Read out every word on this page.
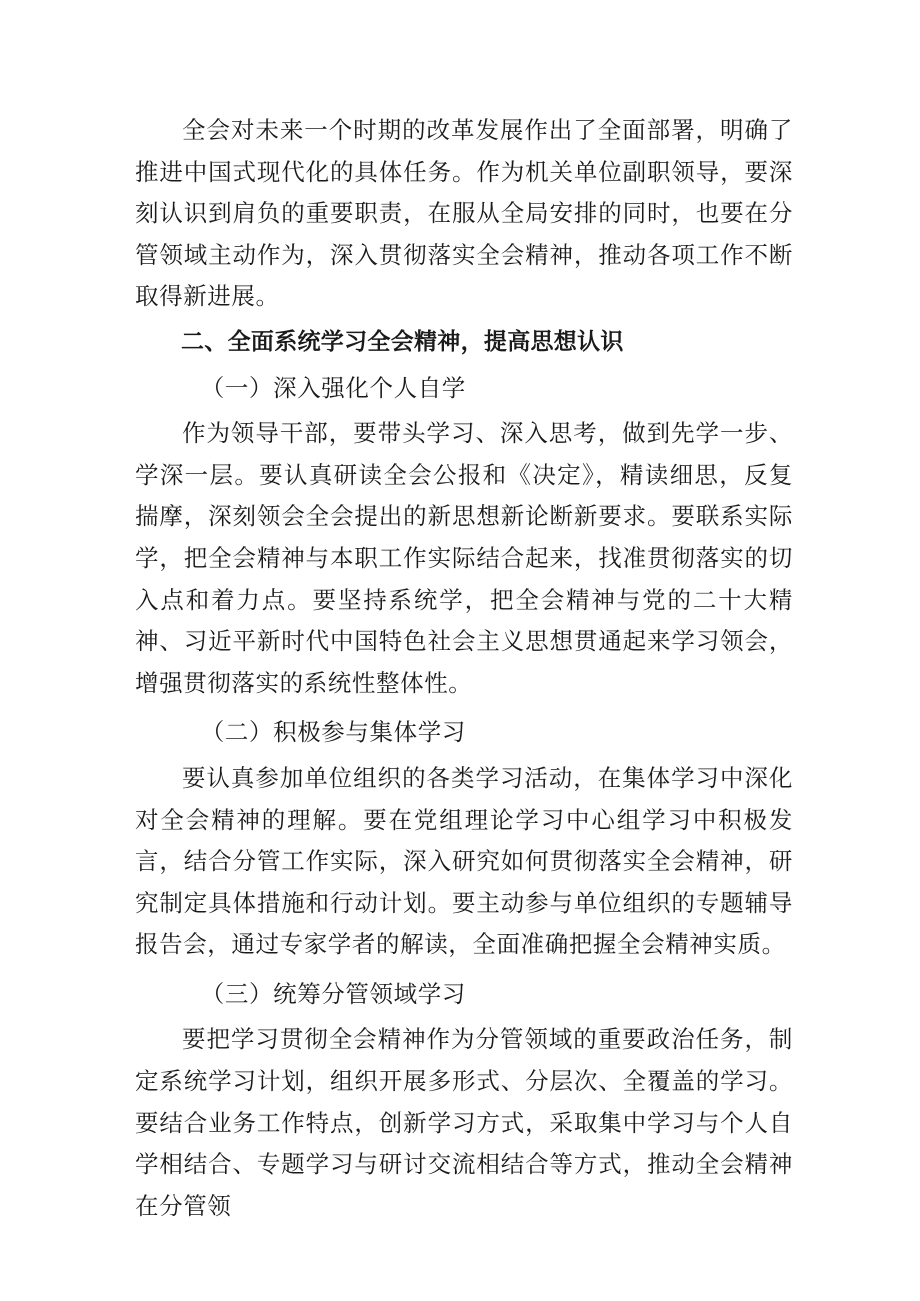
全会对未来一个时期的改革发展作出了全面部署，明确了推进中国式现代化的具体任务。作为机关单位副职领导，要深刻认识到肩负的重要职责，在服从全局安排的同时，也要在分管领域主动作为，深入贯彻落实全会精神，推动各项工作不断取得新进展。

二、全面系统学习全会精神，提高思想认识

（一）深入强化个人自学

作为领导干部，要带头学习、深入思考，做到先学一步、学深一层。要认真研读全会公报和《决定》，精读细思，反复揣摩，深刻领会全会提出的新思想新论断新要求。要联系实际学，把全会精神与本职工作实际结合起来，找准贯彻落实的切入点和着力点。要坚持系统学，把全会精神与党的二十大精神、习近平新时代中国特色社会主义思想贯通起来学习领会，增强贯彻落实的系统性整体性。

（二）积极参与集体学习

要认真参加单位组织的各类学习活动，在集体学习中深化对全会精神的理解。要在党组理论学习中心组学习中积极发言，结合分管工作实际，深入研究如何贯彻落实全会精神，研究制定具体措施和行动计划。要主动参与单位组织的专题辅导报告会，通过专家学者的解读，全面准确把握全会精神实质。

（三）统筹分管领域学习

要把学习贯彻全会精神作为分管领域的重要政治任务，制定系统学习计划，组织开展多形式、分层次、全覆盖的学习。要结合业务工作特点，创新学习方式，采取集中学习与个人自学相结合、专题学习与研讨交流相结合等方式，推动全会精神在分管领
